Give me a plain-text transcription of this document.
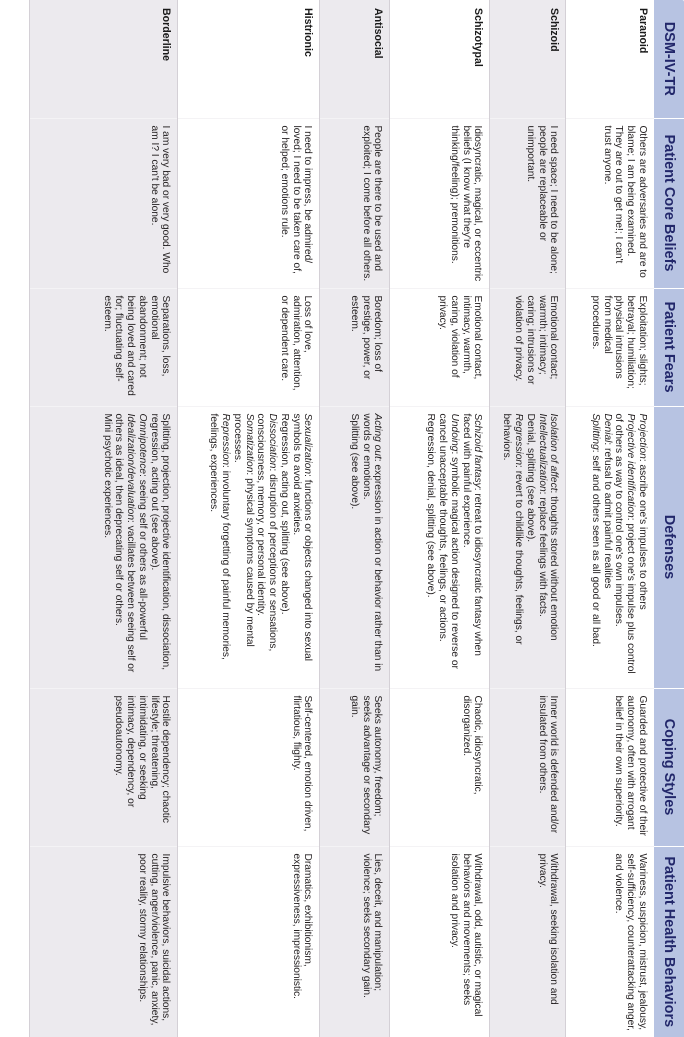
DSM-IV-TR	Patient Core Beliefs	Patient Fears	Defenses	Coping Styles	Patient Health Behaviors
Paranoid	Others are adversaries and are to blame; I am being examined. They are out to get me!; I can't trust anyone.	Exploitation; slights; betrayal; humiliation; physical intrusions from medical procedures.	Projection: ascribe one's impulses to others
Projective identification: project one's impulse plus control of others as way to control one's own impulses.
Denial: refusal to admit painful realities
Splitting: self and others seen as all good or all bad.	Guarded and protective of their autonomy, often with arrogant belief in their own superiority.	Wariness, suspicion, mistrust, jealousy, self-sufficiency, counterattacking anger, and violence.
Schizoid	I need space; I need to be alone; people are replaceable or unimportant.	Emotional contact; warmth; intimacy; caring; intrusions or violation of privacy.	Isolation of affect: thoughts stored without emotion
Intellectualization: replace feelings with facts.
Denial, splitting (see above).
Regression: revert to childlike thoughts, feelings, or behaviors.	Inner world is defended and/or insulated from others.	Withdrawal, seeking isolation and privacy.
Schizotypal	Idiosyncratic, magical, or eccentric beliefs (I know what they're thinking/feeling); premonitions.	Emotional contact, intimacy, warmth, caring, violation of privacy.	Schizoid fantasy: retreat to idiosyncratic fantasy when faced with painful experience.
Undoing: symbolic magical action designed to reverse or cancel unacceptable thoughts, feelings, or actions.
Regression, denial, splitting (see above).	Chaotic, idiosyncratic, disorganized.	Withdrawal, odd, autistic, or magical behaviors and movements; seeks isolation and privacy.
Antisocial	People are there to be used and exploited; I come before all others.	Boredom; loss of prestige, power, or esteem.	Acting out: expression in action or behavior rather than in words or emotions.
Splitting (see above).	Seeks autonomy, freedom; seeks advantage or secondary gain.	Lies, deceit, and manipulation; violence; seeks secondary gain.
Histrionic	I need to impress, be admired/ loved; I need to be taken care of, or helped; emotions rule.	Loss of love, admiration, attention, or dependent care.	Sexualization: functions or objects changed into sexual symbols to avoid anxieties.
Regression, acting out, splitting (see above).
Dissociation: disruption of perceptions or sensations, consciousness, memory, or personal identity.
Somatization: physical symptoms caused by mental processes.
Repression: involuntary forgetting of painful memories, feelings, experiences.	Self-centered, emotion driven, flirtatious, flighty.	Dramatics, exhibitionism, expressiveness, impressionistic.
Borderline	I am very bad or very good. Who am I? I can't be alone.	Separations, loss, emotional abandonment; not being loved and cared for; fluctuating self-esteem.	Splitting, projection, projective identification, dissociation, regression, acting out (see above).
Omnipotence: seeing self or others as all-powerful
Idealization/devaluation: vacillates between seeing self or others as ideal, then deprecating self or others.
Mini psychotic experiences.	Hostile dependency; chaotic lifestyle; threatening, intimidating, or seeking intimacy, dependency, or pseudoautonomy.	Impulsive behaviors, suicidal actions, cutting, anger/violence, panic, anxiety, poor reality, stormy relationships.
